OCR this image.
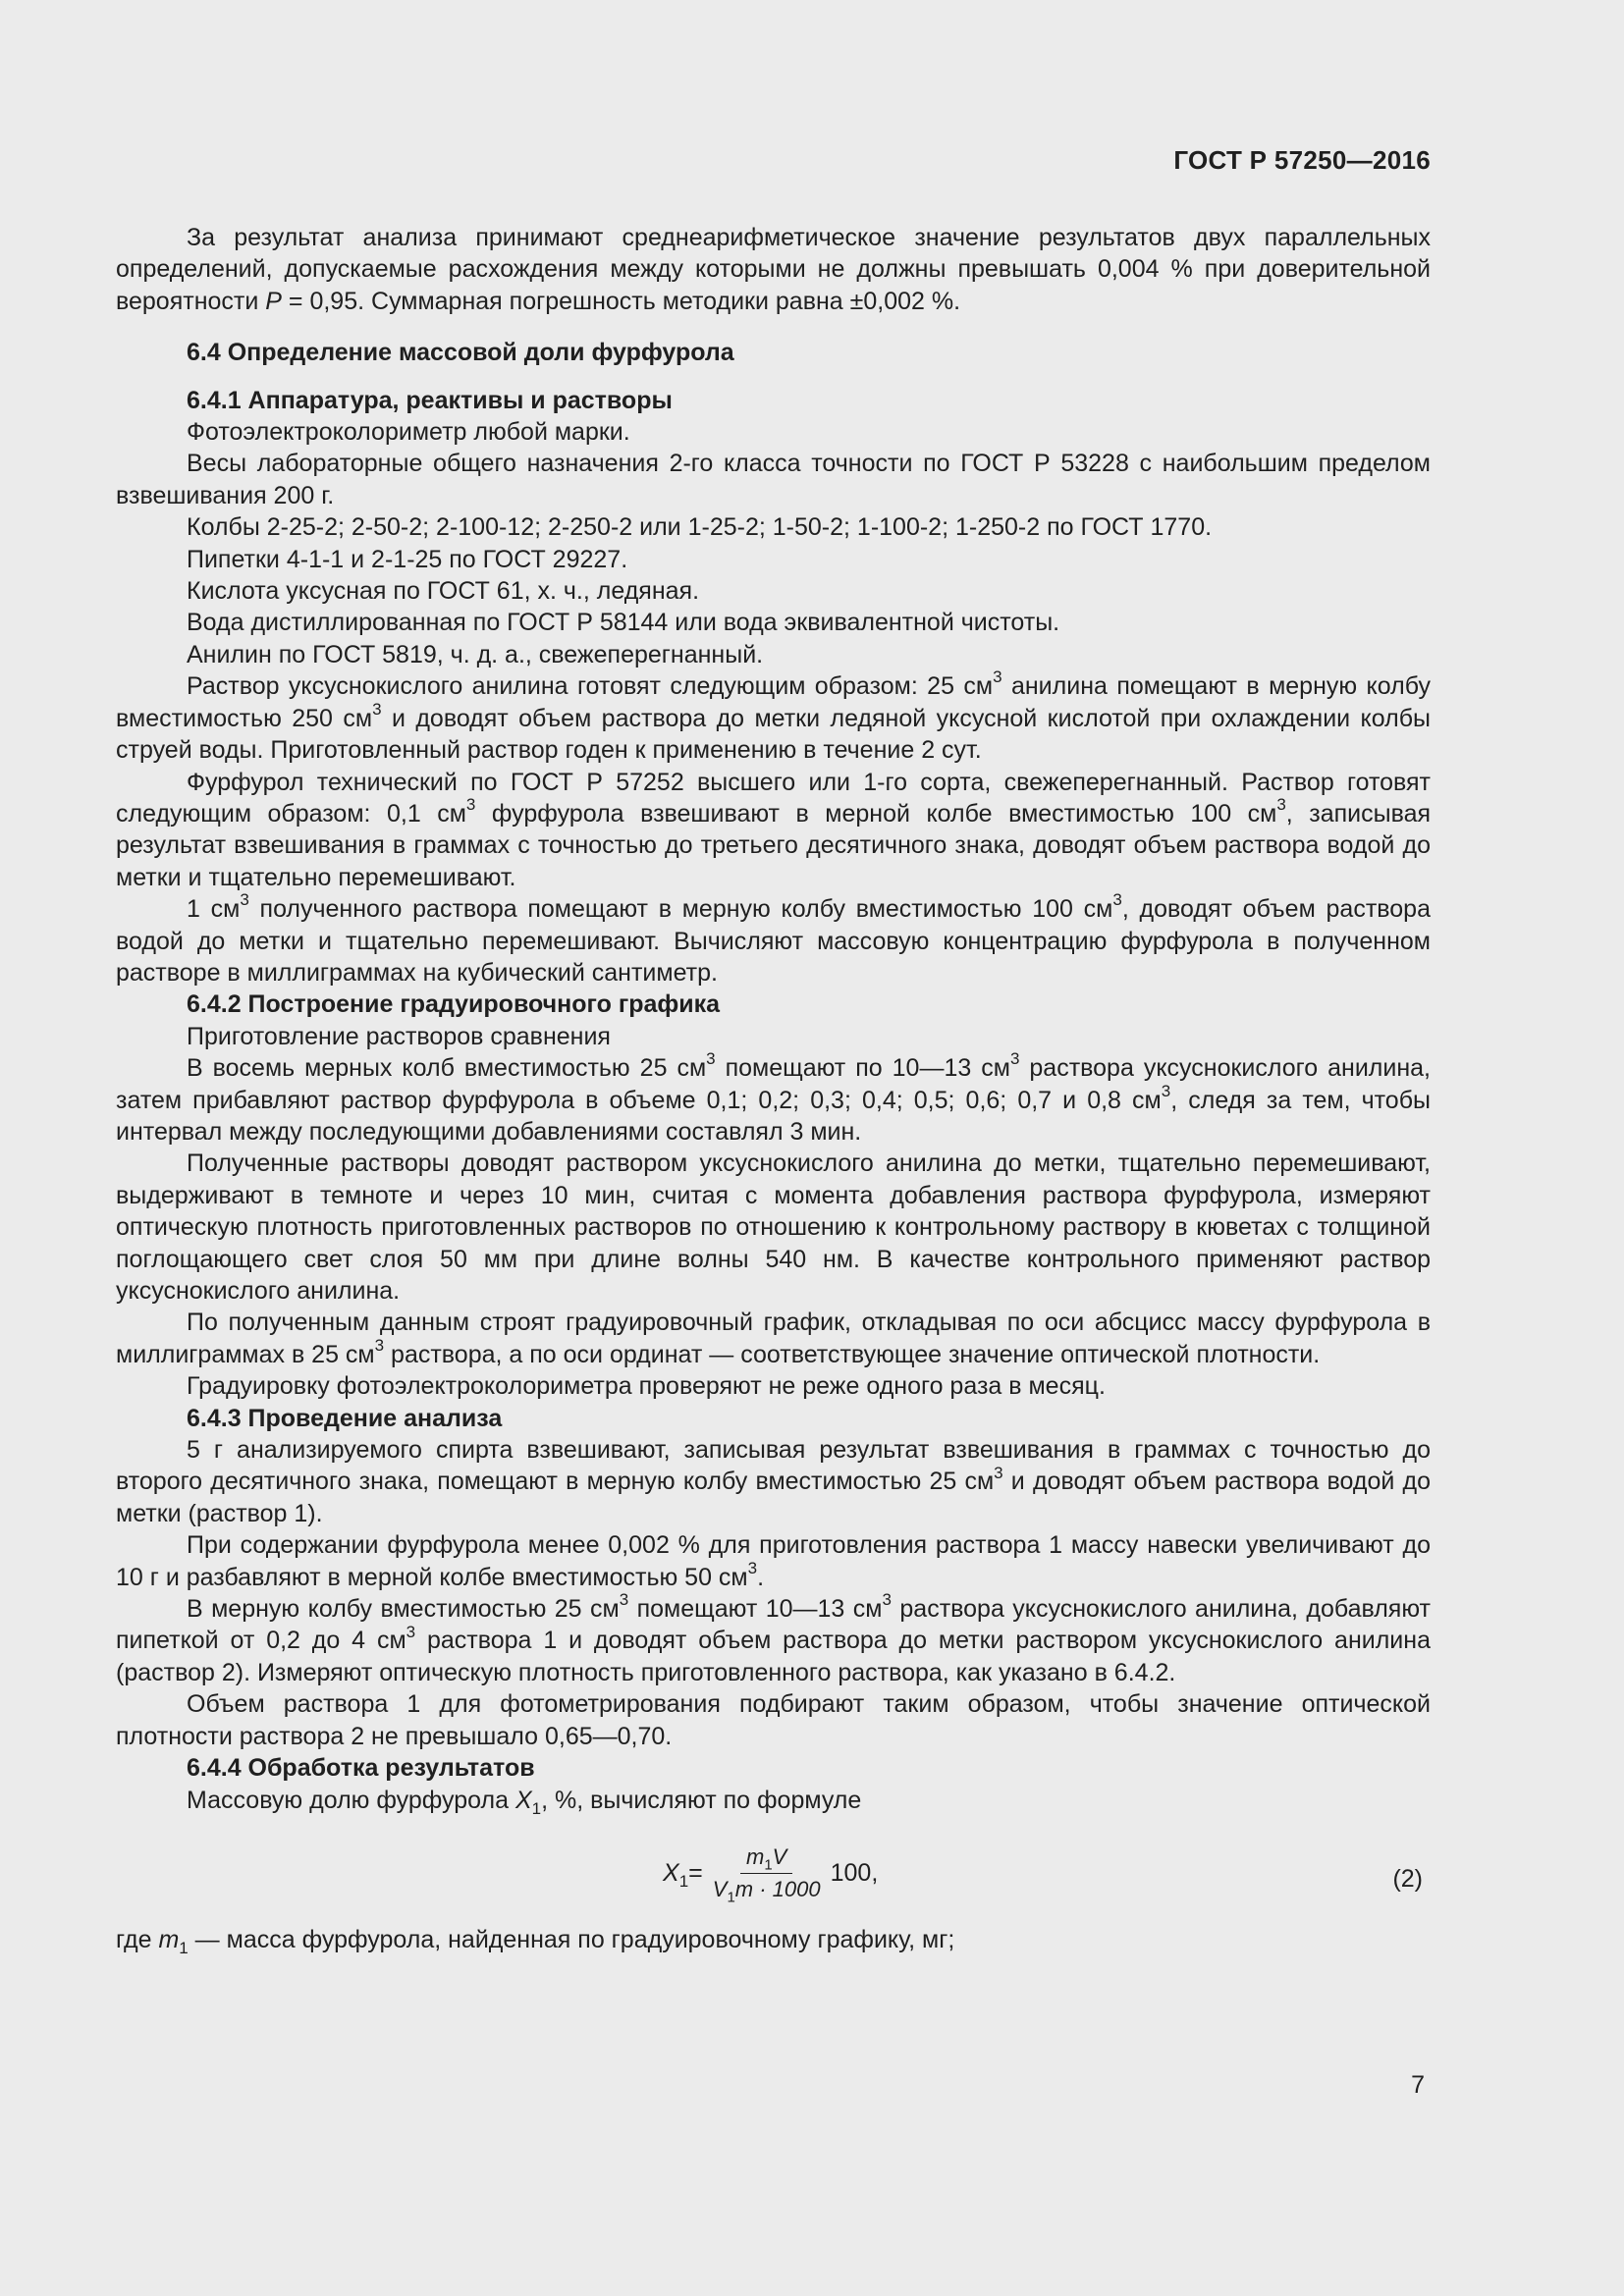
ГОСТ Р 57250—2016

За результат анализа принимают среднеарифметическое значение результатов двух параллельных определений, допускаемые расхождения между которыми не должны превышать 0,004 % при доверительной вероятности P = 0,95. Суммарная погрешность методики равна ±0,002 %.

6.4 Определение массовой доли фурфурола

6.4.1 Аппаратура, реактивы и растворы

Фотоэлектроколориметр любой марки.

Весы лабораторные общего назначения 2-го класса точности по ГОСТ Р 53228 с наибольшим пределом взвешивания 200 г.

Колбы 2-25-2; 2-50-2; 2-100-12; 2-250-2 или 1-25-2; 1-50-2; 1-100-2; 1-250-2 по ГОСТ 1770.

Пипетки 4-1-1 и 2-1-25 по ГОСТ 29227.

Кислота уксусная по ГОСТ 61, х. ч., ледяная.

Вода дистиллированная по ГОСТ Р 58144 или вода эквивалентной чистоты.

Анилин по ГОСТ 5819, ч. д. а., свежеперегнанный.

Раствор уксуснокислого анилина готовят следующим образом: 25 $см^3$ анилина помещают в мерную колбу вместимостью 250 $см^3$ и доводят объем раствора до метки ледяной уксусной кислотой при охлаждении колбы струей воды. Приготовленный раствор годен к применению в течение 2 сут.

Фурфурол технический по ГОСТ Р 57252 высшего или 1-го сорта, свежеперегнанный. Раствор готовят следующим образом: 0,1 $см^3$ фурфурола взвешивают в мерной колбе вместимостью 100 $см^3$, записывая результат взвешивания в граммах с точностью до третьего десятичного знака, доводят объем раствора водой до метки и тщательно перемешивают.

1 $см^3$ полученного раствора помещают в мерную колбу вместимостью 100 $см^3$, доводят объем раствора водой до метки и тщательно перемешивают. Вычисляют массовую концентрацию фурфурола в полученном растворе в миллиграммах на кубический сантиметр.

6.4.2 Построение градуировочного графика

Приготовление растворов сравнения

В восемь мерных колб вместимостью 25 $см^3$ помещают по 10—13 $см^3$ раствора уксуснокислого анилина, затем прибавляют раствор фурфурола в объеме 0,1; 0,2; 0,3; 0,4; 0,5; 0,6; 0,7 и 0,8 $см^3$, следя за тем, чтобы интервал между последующими добавлениями составлял 3 мин.

Полученные растворы доводят раствором уксуснокислого анилина до метки, тщательно перемешивают, выдерживают в темноте и через 10 мин, считая с момента добавления раствора фурфурола, измеряют оптическую плотность приготовленных растворов по отношению к контрольному раствору в кюветах с толщиной поглощающего свет слоя 50 мм при длине волны 540 нм. В качестве контрольного применяют раствор уксуснокислого анилина.

По полученным данным строят градуировочный график, откладывая по оси абсцисс массу фурфурола в миллиграммах в 25 $см^3$ раствора, а по оси ординат — соответствующее значение оптической плотности.

Градуировку фотоэлектроколориметра проверяют не реже одного раза в месяц.

6.4.3 Проведение анализа

5 г анализируемого спирта взвешивают, записывая результат взвешивания в граммах с точностью до второго десятичного знака, помещают в мерную колбу вместимостью 25 $см^3$ и доводят объем раствора водой до метки (раствор 1).

При содержании фурфурола менее 0,002 % для приготовления раствора 1 массу навески увеличивают до 10 г и разбавляют в мерной колбе вместимостью 50 $см^3$.

В мерную колбу вместимостью 25 $см^3$ помещают 10—13 $см^3$ раствора уксуснокислого анилина, добавляют пипеткой от 0,2 до 4 $см^3$ раствора 1 и доводят объем раствора до метки раствором уксуснокислого анилина (раствор 2). Измеряют оптическую плотность приготовленного раствора, как указано в 6.4.2.

Объем раствора 1 для фотометрирования подбирают таким образом, чтобы значение оптической плотности раствора 2 не превышало 0,65—0,70.

6.4.4 Обработка результатов

Массовую долю фурфурола $X_1$, %, вычисляют по формуле

$X_1 = \frac{m_1V}{V_1m \cdot 1000} 100$,	(2)

где $m_1$ — масса фурфурола, найденная по градуировочному графику, мг;

7
